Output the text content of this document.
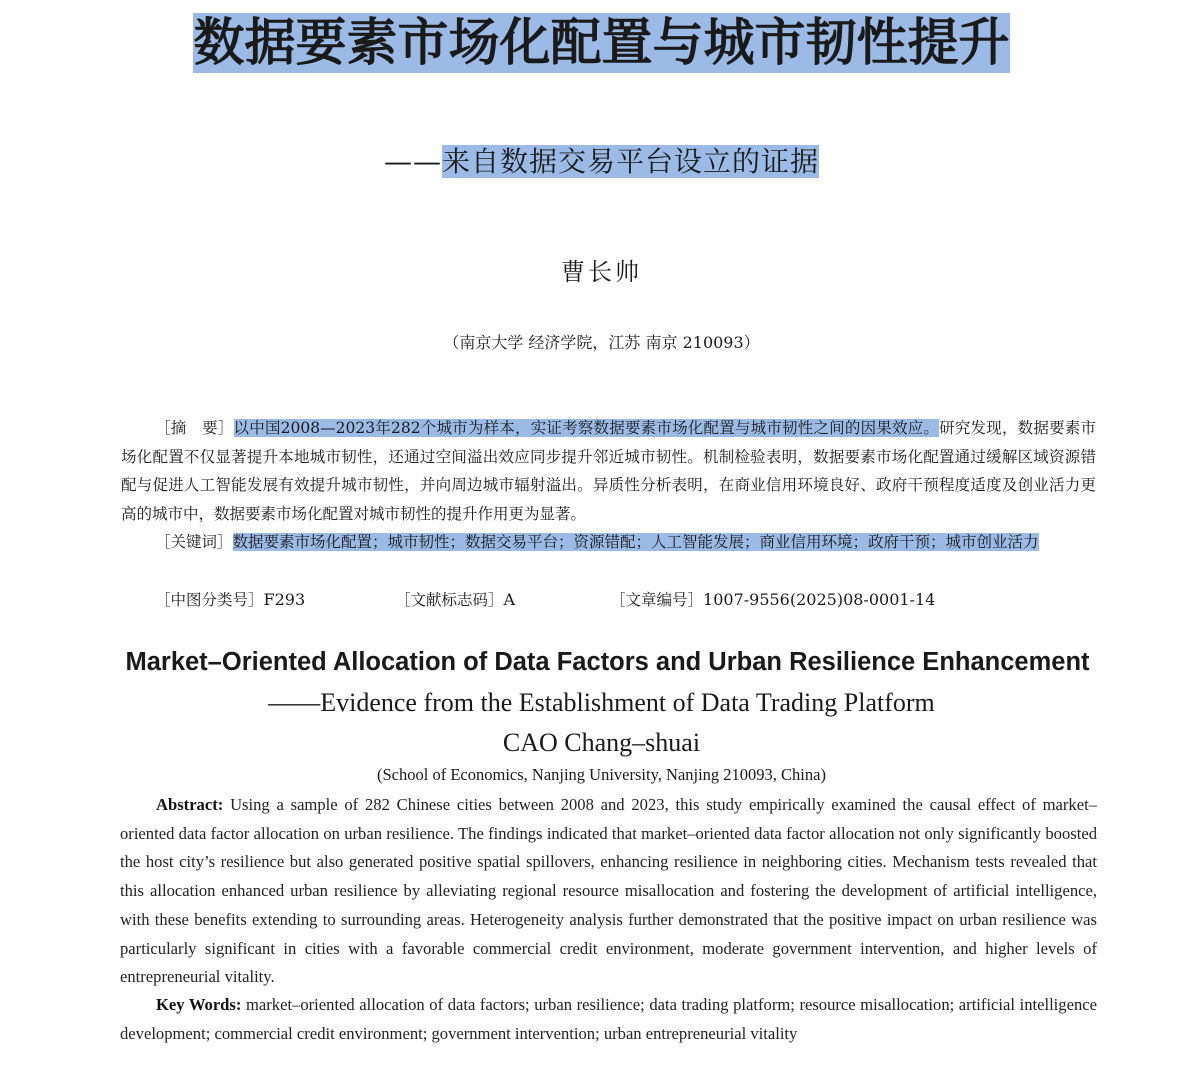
数据要素市场化配置与城市韧性提升
——来自数据交易平台设立的证据
曹长帅
（南京大学 经济学院，江苏 南京 210093）
［摘　要］以中国2008—2023年282个城市为样本，实证考察数据要素市场化配置与城市韧性之间的因果效应。研究发现，数据要素市场化配置不仅显著提升本地城市韧性，还通过空间溢出效应同步提升邻近城市韧性。机制检验表明，数据要素市场化配置通过缓解区域资源错配与促进人工智能发展有效提升城市韧性，并向周边城市辐射溢出。异质性分析表明，在商业信用环境良好、政府干预程度适度及创业活力更高的城市中，数据要素市场化配置对城市韧性的提升作用更为显著。
［关键词］数据要素市场化配置；城市韧性；数据交易平台；资源错配；人工智能发展；商业信用环境；政府干预；城市创业活力
［中图分类号］F293	［文献标志码］A	［文章编号］1007-9556(2025)08-0001-14
Market–Oriented Allocation of Data Factors and Urban Resilience Enhancement
——Evidence from the Establishment of Data Trading Platform
CAO Chang–shuai
(School of Economics, Nanjing University, Nanjing 210093, China)
Abstract: Using a sample of 282 Chinese cities between 2008 and 2023, this study empirically examined the causal effect of market–oriented data factor allocation on urban resilience. The findings indicated that market–oriented data factor allocation not only significantly boosted the host city’s resilience but also generated positive spatial spillovers, enhancing resilience in neighboring cities. Mechanism tests revealed that this allocation enhanced urban resilience by alleviating regional resource misallocation and fostering the development of artificial intelligence, with these benefits extending to surrounding areas. Heterogeneity analysis further demonstrated that the positive impact on urban resilience was particularly significant in cities with a favorable commercial credit environment, moderate government intervention, and higher levels of entrepreneurial vitality.
Key Words: market–oriented allocation of data factors; urban resilience; data trading platform; resource misallocation; artificial intelligence development; commercial credit environment; government intervention; urban entrepreneurial vitality
